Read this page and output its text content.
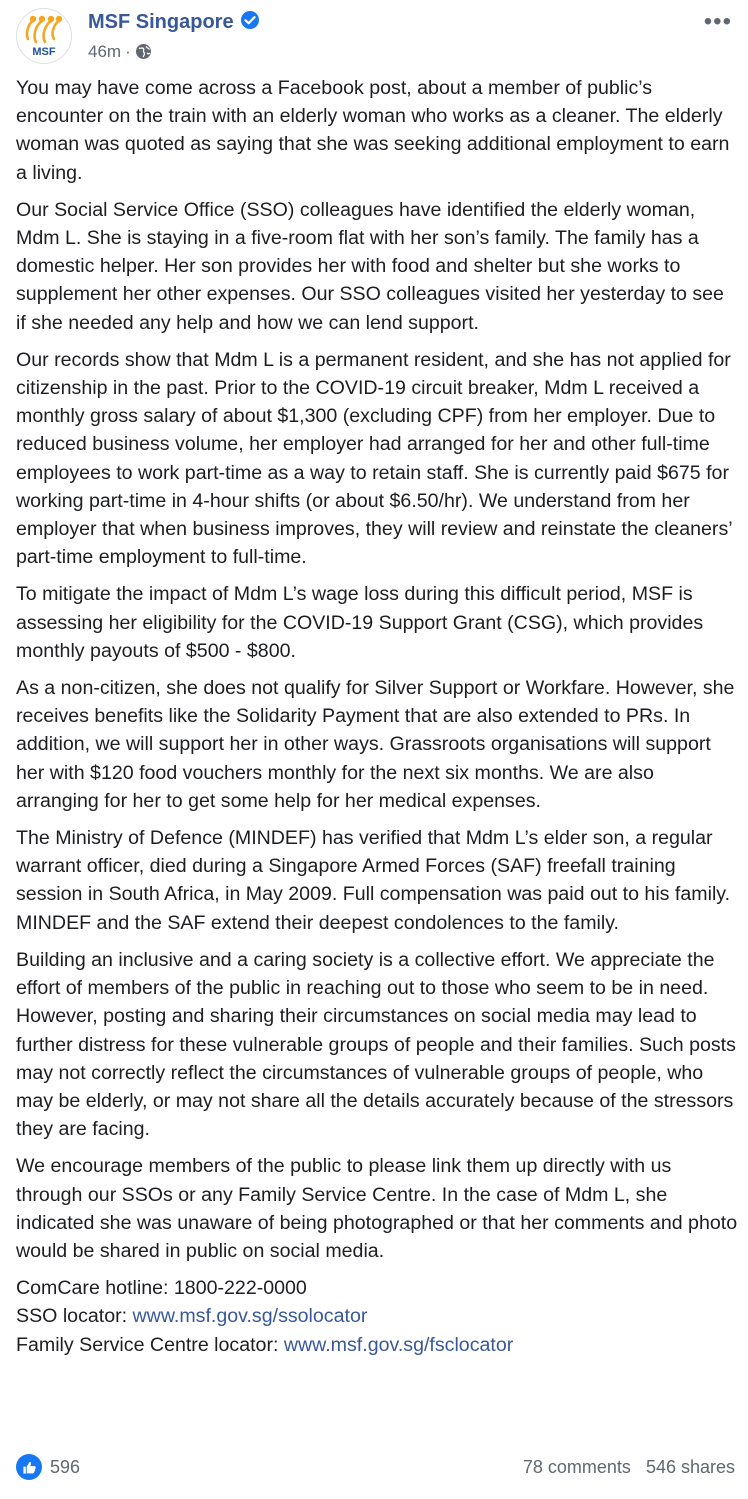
MSF
MSF Singapore
46m ·
•••

You may have come across a Facebook post, about a member of public’s encounter on the train with an elderly woman who works as a cleaner. The elderly woman was quoted as saying that she was seeking additional employment to earn a living.

Our Social Service Office (SSO) colleagues have identified the elderly woman, Mdm L. She is staying in a five-room flat with her son’s family. The family has a domestic helper. Her son provides her with food and shelter but she works to supplement her other expenses. Our SSO colleagues visited her yesterday to see if she needed any help and how we can lend support.

Our records show that Mdm L is a permanent resident, and she has not applied for citizenship in the past. Prior to the COVID-19 circuit breaker, Mdm L received a monthly gross salary of about $1,300 (excluding CPF) from her employer. Due to reduced business volume, her employer had arranged for her and other full-time employees to work part-time as a way to retain staff. She is currently paid $675 for working part-time in 4-hour shifts (or about $6.50/hr). We understand from her employer that when business improves, they will review and reinstate the cleaners’ part-time employment to full-time.

To mitigate the impact of Mdm L’s wage loss during this difficult period, MSF is assessing her eligibility for the COVID-19 Support Grant (CSG), which provides monthly payouts of $500 - $800.

As a non-citizen, she does not qualify for Silver Support or Workfare. However, she receives benefits like the Solidarity Payment that are also extended to PRs. In addition, we will support her in other ways. Grassroots organisations will support her with $120 food vouchers monthly for the next six months. We are also arranging for her to get some help for her medical expenses.

The Ministry of Defence (MINDEF) has verified that Mdm L’s elder son, a regular warrant officer, died during a Singapore Armed Forces (SAF) freefall training session in South Africa, in May 2009. Full compensation was paid out to his family. MINDEF and the SAF extend their deepest condolences to the family.

Building an inclusive and a caring society is a collective effort. We appreciate the effort of members of the public in reaching out to those who seem to be in need. However, posting and sharing their circumstances on social media may lead to further distress for these vulnerable groups of people and their families. Such posts may not correctly reflect the circumstances of vulnerable groups of people, who may be elderly, or may not share all the details accurately because of the stressors they are facing.

We encourage members of the public to please link them up directly with us through our SSOs or any Family Service Centre. In the case of Mdm L, she indicated she was unaware of being photographed or that her comments and photo would be shared in public on social media.

ComCare hotline: 1800-222-0000
SSO locator: www.msf.gov.sg/ssolocator
Family Service Centre locator: www.msf.gov.sg/fsclocator
596	78 comments 546 shares
